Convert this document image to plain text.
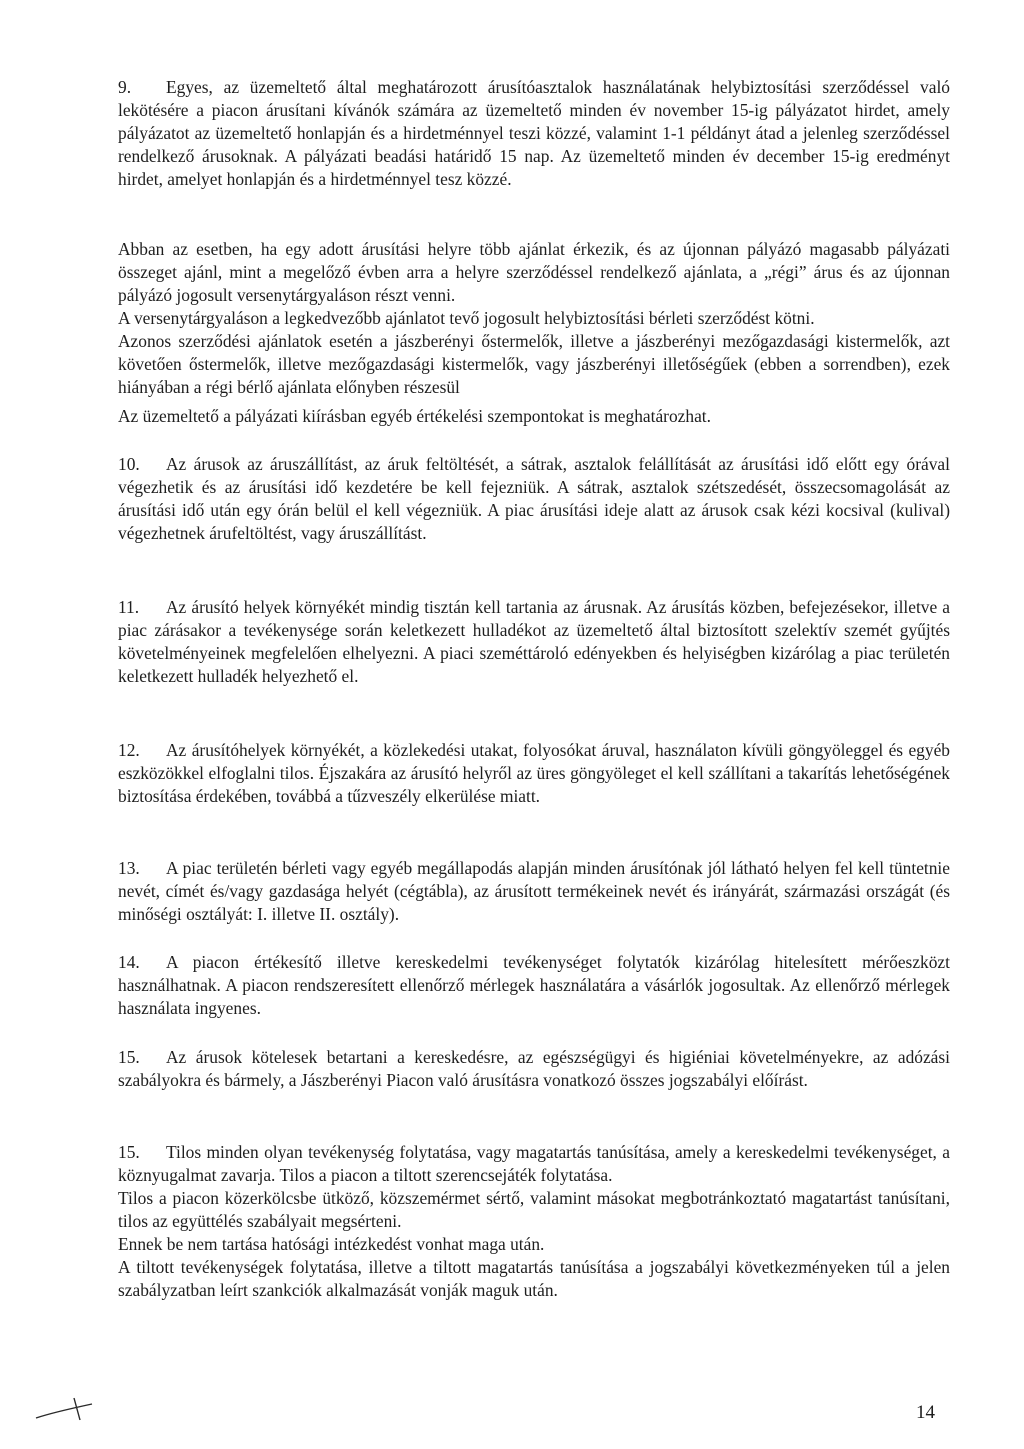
9. Egyes, az üzemeltető által meghatározott árusítóasztalok használatának helybiztosítási szerződéssel való lekötésére a piacon árusítani kívánók számára az üzemeltető minden év november 15-ig pályázatot hirdet, amely pályázatot az üzemeltető honlapján és a hirdetménnyel teszi közzé, valamint 1-1 példányt átad a jelenleg szerződéssel rendelkező árusoknak. A pályázati beadási határidő 15 nap. Az üzemeltető minden év december 15-ig eredményt hirdet, amelyet honlapján és a hirdetménnyel tesz közzé.

Abban az esetben, ha egy adott árusítási helyre több ajánlat érkezik, és az újonnan pályázó magasabb pályázati összeget ajánl, mint a megelőző évben arra a helyre szerződéssel rendelkező ajánlata, a „régi” árus és az újonnan pályázó jogosult versenytárgyaláson részt venni.

A versenytárgyaláson a legkedvezőbb ajánlatot tevő jogosult helybiztosítási bérleti szerződést kötni.

Azonos szerződési ajánlatok esetén a jászberényi őstermelők, illetve a jászberényi mezőgazdasági kistermelők, azt követően őstermelők, illetve mezőgazdasági kistermelők, vagy jászberényi illetőségűek (ebben a sorrendben), ezek hiányában a régi bérlő ajánlata előnyben részesül

Az üzemeltető a pályázati kiírásban egyéb értékelési szempontokat is meghatározhat.

10. Az árusok az áruszállítást, az áruk feltöltését, a sátrak, asztalok felállítását az árusítási idő előtt egy órával végezhetik és az árusítási idő kezdetére be kell fejezniük. A sátrak, asztalok szétszedését, összecsomagolását az árusítási idő után egy órán belül el kell végezniük. A piac árusítási ideje alatt az árusok csak kézi kocsival (kulival) végezhetnek árufeltöltést, vagy áruszállítást.

11. Az árusító helyek környékét mindig tisztán kell tartania az árusnak. Az árusítás közben, befejezésekor, illetve a piac zárásakor a tevékenysége során keletkezett hulladékot az üzemeltető által biztosított szelektív szemét gyűjtés követelményeinek megfelelően elhelyezni. A piaci szeméttároló edényekben és helyiségben kizárólag a piac területén keletkezett hulladék helyezhető el.

12. Az árusítóhelyek környékét, a közlekedési utakat, folyosókat áruval, használaton kívüli göngyöleggel és egyéb eszközökkel elfoglalni tilos. Éjszakára az árusító helyről az üres göngyöleget el kell szállítani a takarítás lehetőségének biztosítása érdekében, továbbá a tűzveszély elkerülése miatt.

13. A piac területén bérleti vagy egyéb megállapodás alapján minden árusítónak jól látható helyen fel kell tüntetnie nevét, címét és/vagy gazdasága helyét (cégtábla), az árusított termékeinek nevét és irányárát, származási országát (és minőségi osztályát: I. illetve II. osztály).

14. A piacon értékesítő illetve kereskedelmi tevékenységet folytatók kizárólag hitelesített mérőeszközt használhatnak. A piacon rendszeresített ellenőrző mérlegek használatára a vásárlók jogosultak. Az ellenőrző mérlegek használata ingyenes.

15. Az árusok kötelesek betartani a kereskedésre, az egészségügyi és higiéniai követelményekre, az adózási szabályokra és bármely, a Jászberényi Piacon való árusításra vonatkozó összes jogszabályi előírást.

15. Tilos minden olyan tevékenység folytatása, vagy magatartás tanúsítása, amely a kereskedelmi tevékenységet, a köznyugalmat zavarja. Tilos a piacon a tiltott szerencsejáték folytatása.

Tilos a piacon közerkölcsbe ütköző, közszemérmet sértő, valamint másokat megbotránkoztató magatartást tanúsítani, tilos az együttélés szabályait megsérteni.

Ennek be nem tartása hatósági intézkedést vonhat maga után.

A tiltott tevékenységek folytatása, illetve a tiltott magatartás tanúsítása a jogszabályi következményeken túl a jelen szabályzatban leírt szankciók alkalmazását vonják maguk után.

14
